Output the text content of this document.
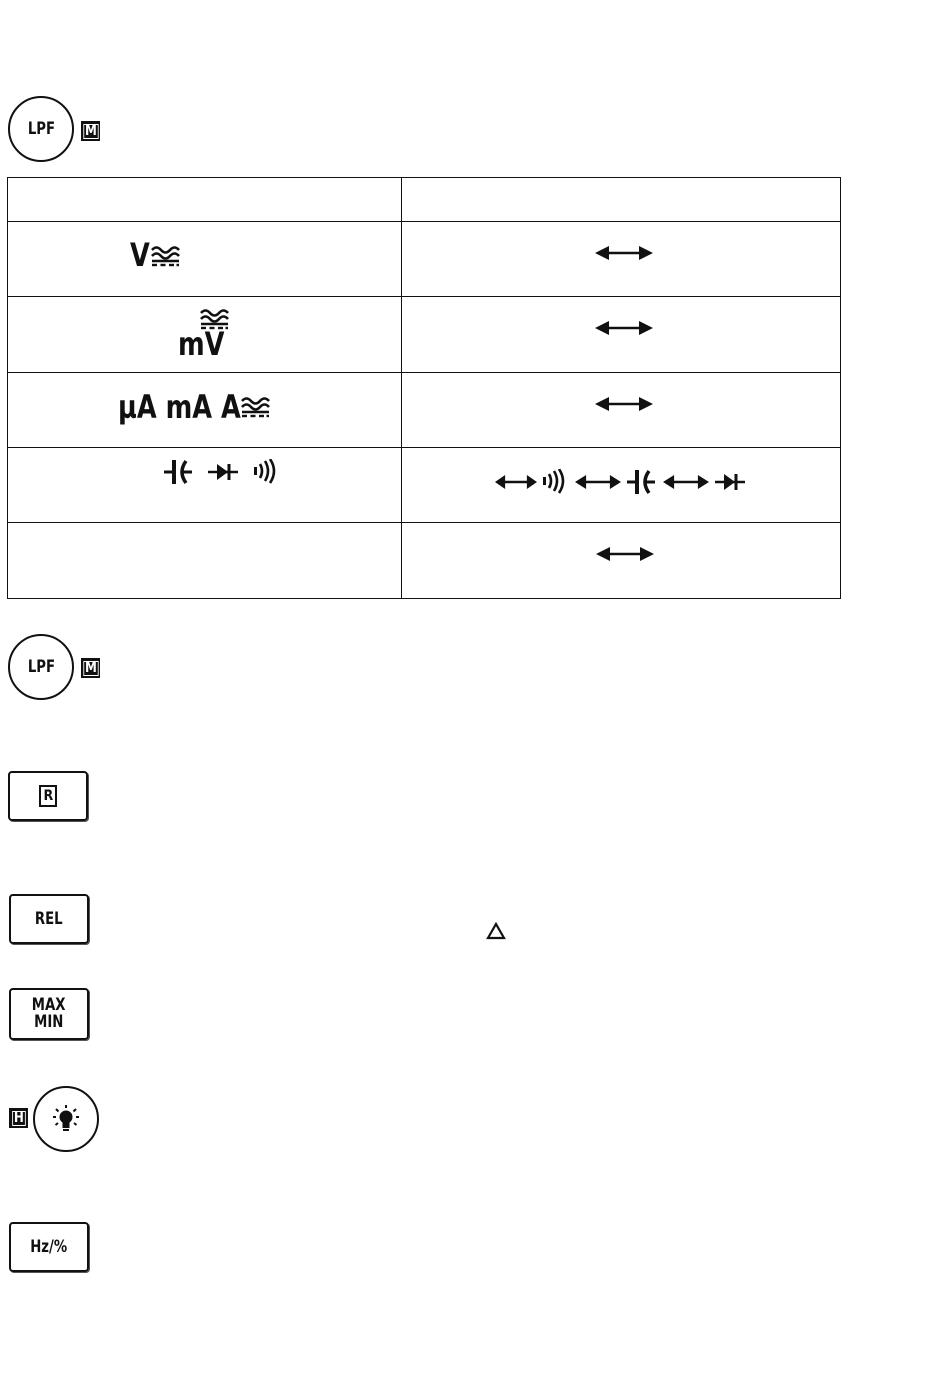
LPF M
V
mV
µA mA A
LPF M
R
REL
MAX
MIN
H
Hz/%
